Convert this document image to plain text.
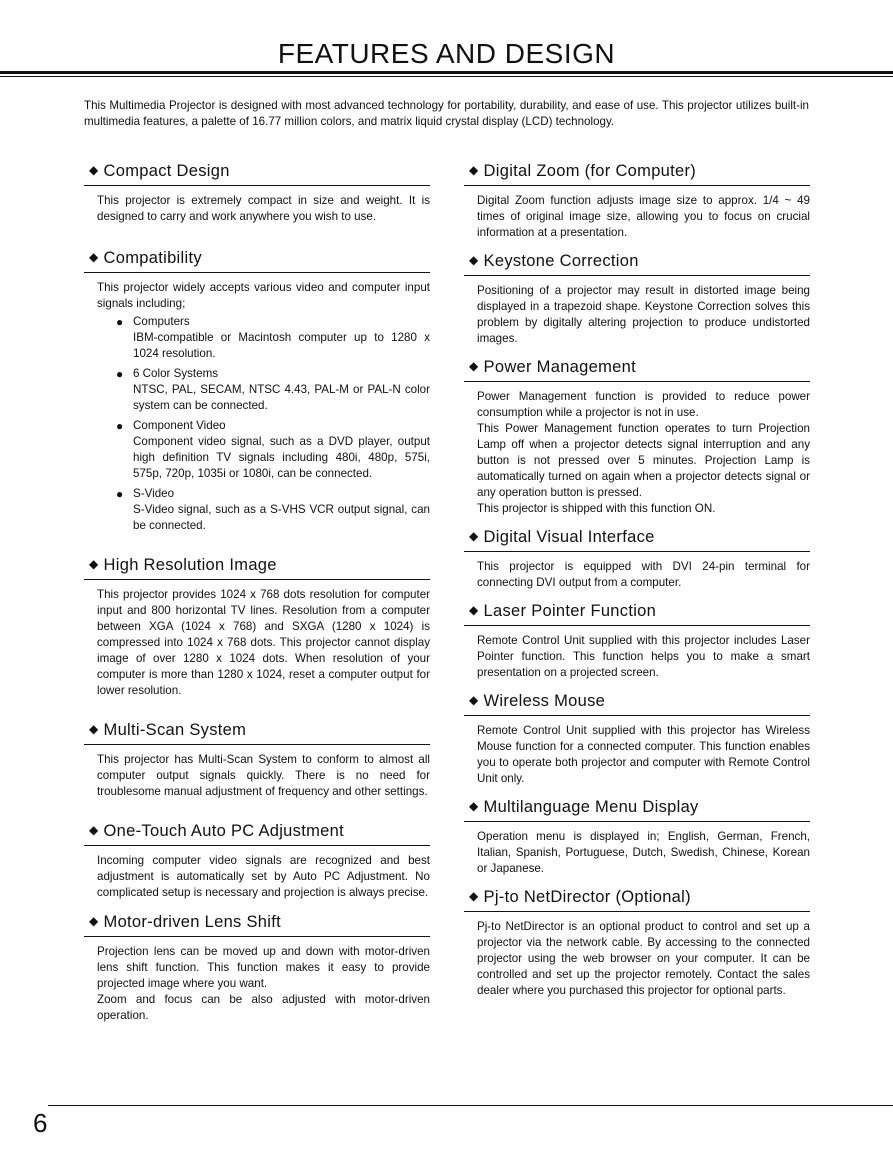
FEATURES AND DESIGN

This Multimedia Projector is designed with most advanced technology for portability, durability, and ease of use. This projector utilizes built-in multimedia features, a palette of 16.77 million colors, and matrix liquid crystal display (LCD) technology.

◆ Compact Design

This projector is extremely compact in size and weight. It is designed to carry and work anywhere you wish to use.

◆ Compatibility

This projector widely accepts various video and computer input signals including;

● Computers
IBM-compatible or Macintosh computer up to 1280 x 1024 resolution.
● 6 Color Systems
NTSC, PAL, SECAM, NTSC 4.43, PAL-M or PAL-N color system can be connected.
● Component Video
Component video signal, such as a DVD player, output high definition TV signals including 480i, 480p, 575i, 575p, 720p, 1035i or 1080i, can be connected.
● S-Video
S-Video signal, such as a S-VHS VCR output signal, can be connected.
◆ High Resolution Image

This projector provides 1024 x 768 dots resolution for computer input and 800 horizontal TV lines. Resolution from a computer between XGA (1024 x 768) and SXGA (1280 x 1024) is compressed into 1024 x 768 dots. This projector cannot display image of over 1280 x 1024 dots. When resolution of your computer is more than 1280 x 1024, reset a computer output for lower resolution.

◆ Multi-Scan System

This projector has Multi-Scan System to conform to almost all computer output signals quickly. There is no need for troublesome manual adjustment of frequency and other settings.

◆ One-Touch Auto PC Adjustment

Incoming computer video signals are recognized and best adjustment is automatically set by Auto PC Adjustment. No complicated setup is necessary and projection is always precise.

◆ Motor-driven Lens Shift

Projection lens can be moved up and down with motor-driven lens shift function. This function makes it easy to provide projected image where you want.

Zoom and focus can be also adjusted with motor-driven operation.

◆ Digital Zoom (for Computer)

Digital Zoom function adjusts image size to approx. 1/4 ~ 49 times of original image size, allowing you to focus on crucial information at a presentation.

◆ Keystone Correction

Positioning of a projector may result in distorted image being displayed in a trapezoid shape. Keystone Correction solves this problem by digitally altering projection to produce undistorted images.

◆ Power Management

Power Management function is provided to reduce power consumption while a projector is not in use.

This Power Management function operates to turn Projection Lamp off when a projector detects signal interruption and any button is not pressed over 5 minutes. Projection Lamp is automatically turned on again when a projector detects signal or any operation button is pressed.

This projector is shipped with this function ON.

◆ Digital Visual Interface

This projector is equipped with DVI 24-pin terminal for connecting DVI output from a computer.

◆ Laser Pointer Function

Remote Control Unit supplied with this projector includes Laser Pointer function. This function helps you to make a smart presentation on a projected screen.

◆ Wireless Mouse

Remote Control Unit supplied with this projector has Wireless Mouse function for a connected computer. This function enables you to operate both projector and computer with Remote Control Unit only.

◆ Multilanguage Menu Display

Operation menu is displayed in; English, German, French, Italian, Spanish, Portuguese, Dutch, Swedish, Chinese, Korean or Japanese.

◆ Pj-to NetDirector (Optional)

Pj-to NetDirector is an optional product to control and set up a projector via the network cable. By accessing to the connected projector using the web browser on your computer. It can be controlled and set up the projector remotely. Contact the sales dealer where you purchased this projector for optional parts.

6
